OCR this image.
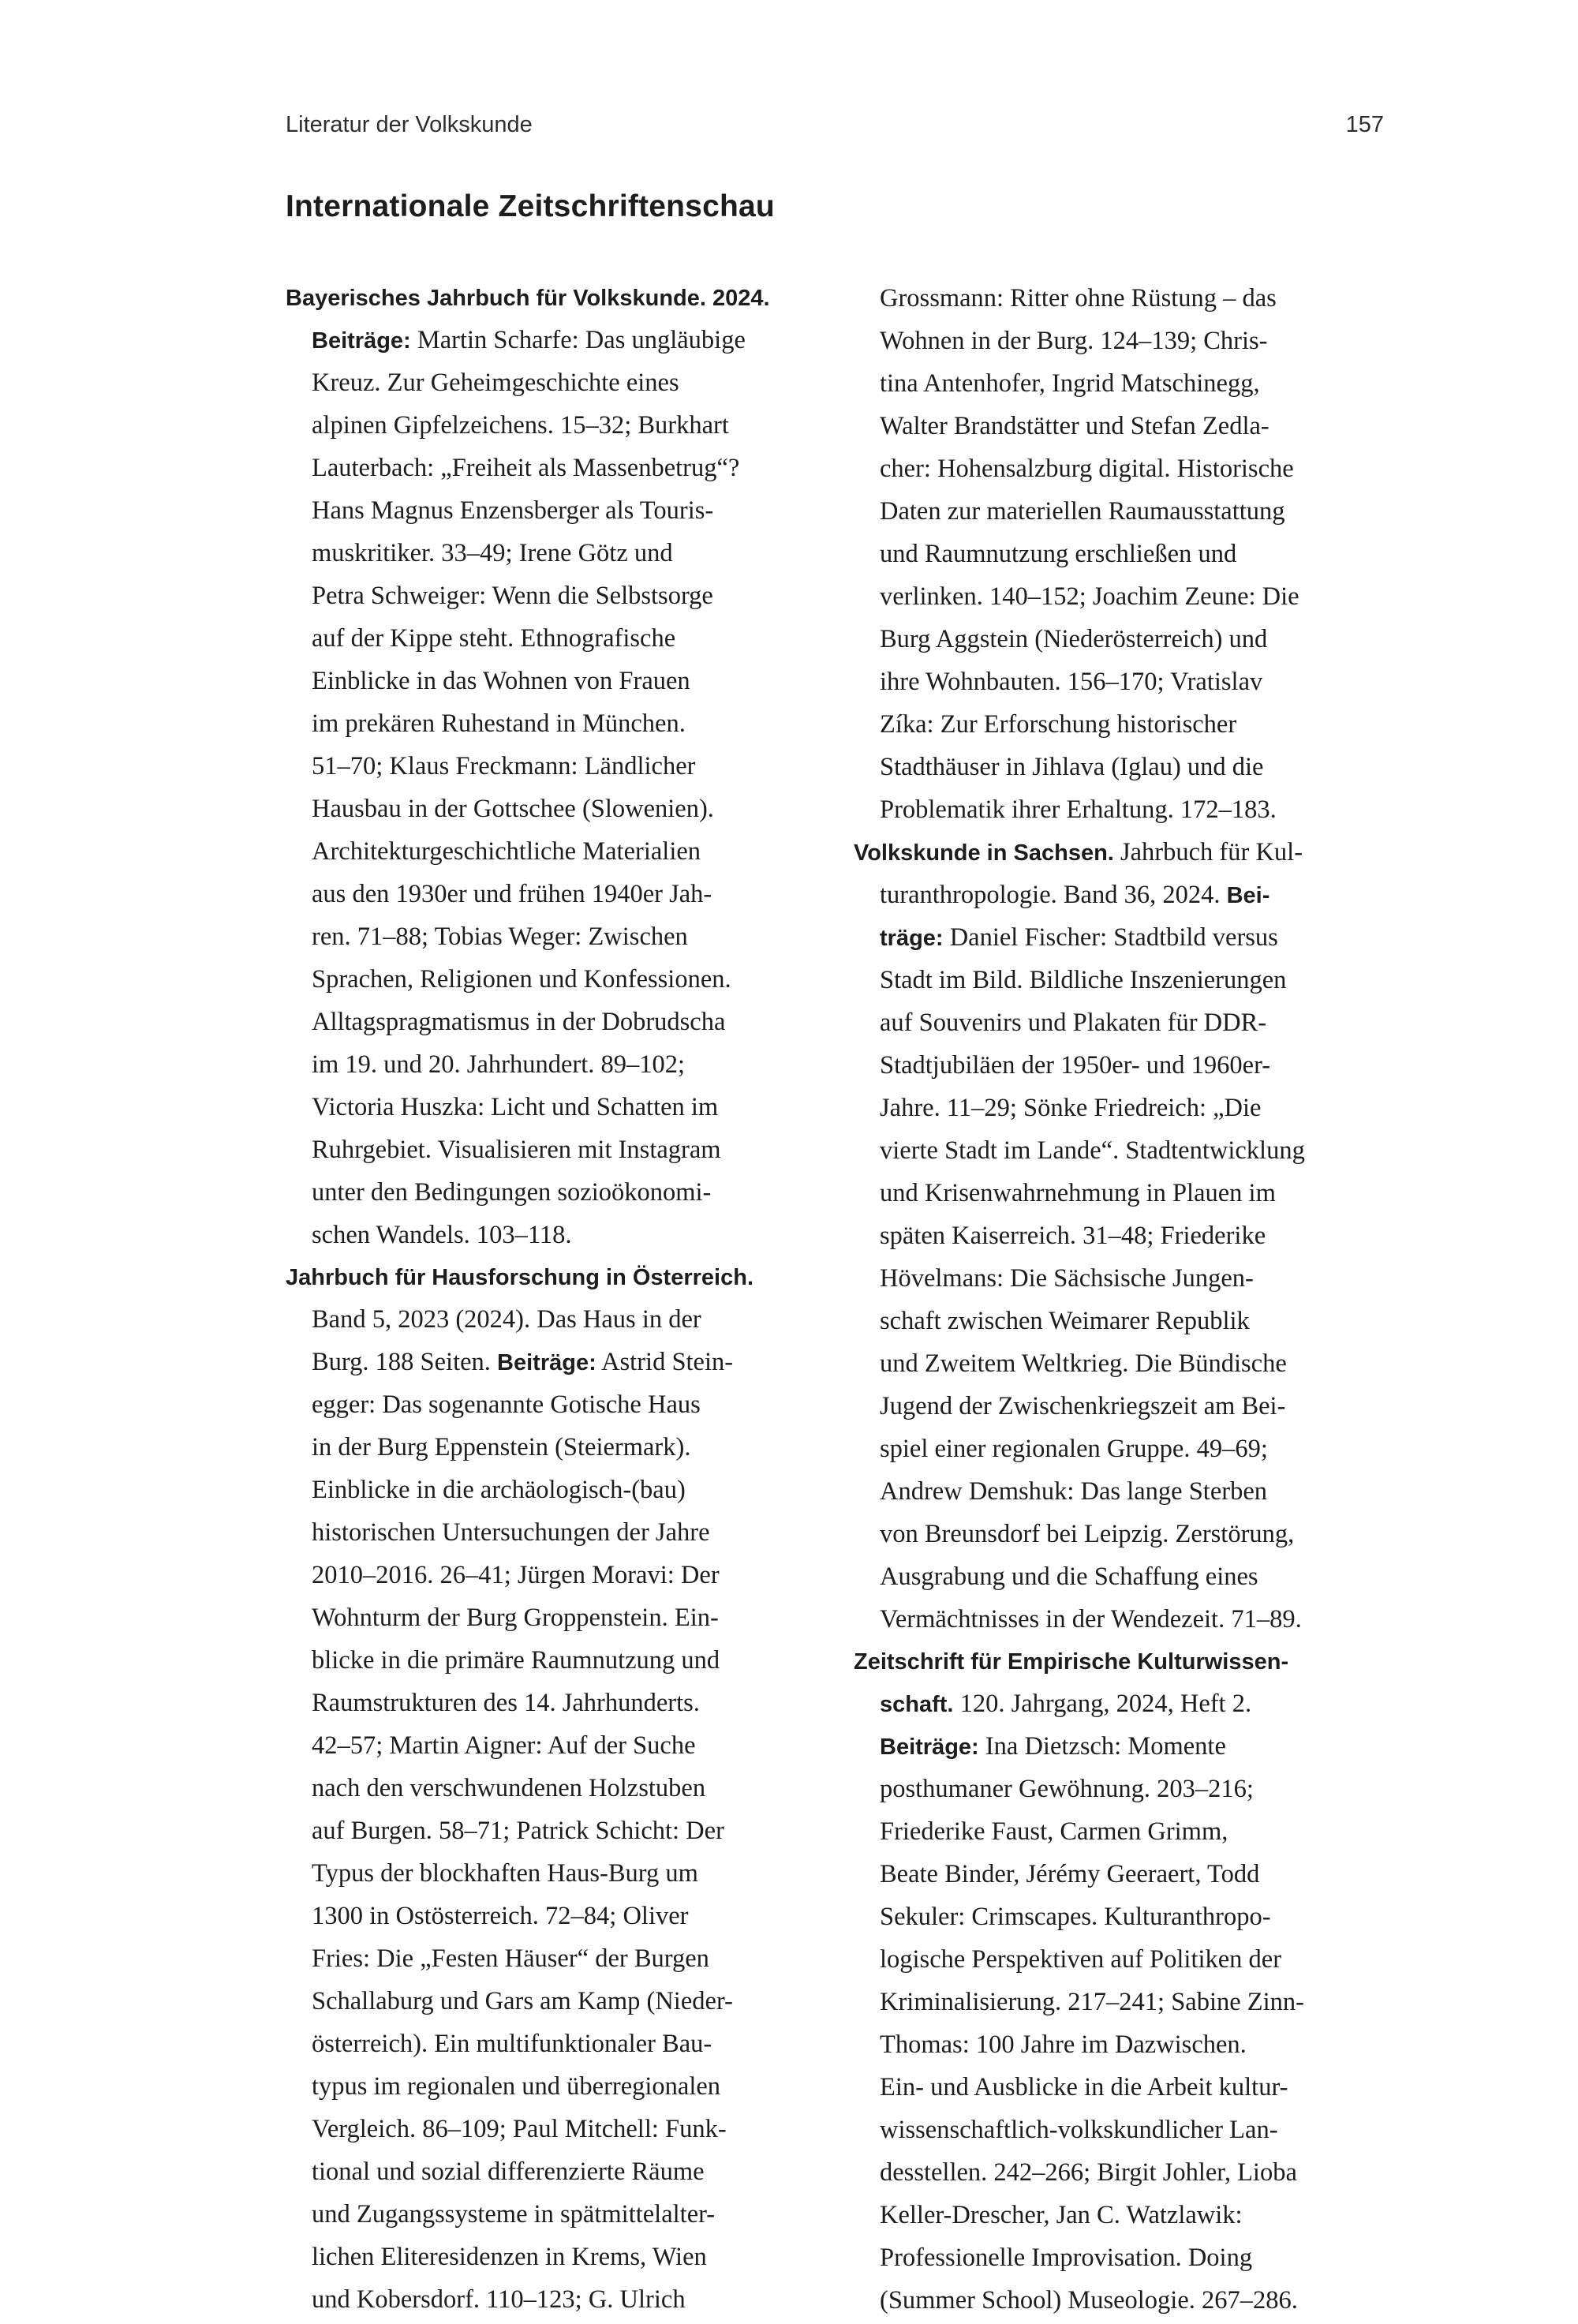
Literatur der Volkskunde	157
Internationale Zeitschriftenschau
Bayerisches Jahrbuch für Volkskunde. 2024.
Beiträge: Martin Scharfe: Das ungläubige
Kreuz. Zur Geheimgeschichte eines
alpinen Gipfelzeichens. 15–32; Burkhart
Lauterbach: „Freiheit als Massenbetrug“?
Hans Magnus Enzensberger als Touris-
muskritiker. 33–49; Irene Götz und
Petra Schweiger: Wenn die Selbstsorge
auf der Kippe steht. Ethnografische
Einblicke in das Wohnen von Frauen
im prekären Ruhestand in München.
51–70; Klaus Freckmann: Ländlicher
Hausbau in der Gottschee (Slowenien).
Architekturgeschichtliche Materialien
aus den 1930er und frühen 1940er Jah-
ren. 71–88; Tobias Weger: Zwischen
Sprachen, Religionen und Konfessionen.
Alltagspragmatismus in der Dobrudscha
im 19. und 20. Jahrhundert. 89–102;
Victoria Huszka: Licht und Schatten im
Ruhrgebiet. Visualisieren mit Instagram
unter den Bedingungen sozioökonomi-
schen Wandels. 103–118.
Jahrbuch für Hausforschung in Österreich.
Band 5, 2023 (2024). Das Haus in der
Burg. 188 Seiten. Beiträge: Astrid Stein-
egger: Das sogenannte Gotische Haus
in der Burg Eppenstein (Steiermark).
Einblicke in die archäologisch-(bau)
historischen Untersuchungen der Jahre
2010–2016. 26–41; Jürgen Moravi: Der
Wohnturm der Burg Groppenstein. Ein-
blicke in die primäre Raumnutzung und
Raumstrukturen des 14. Jahrhunderts.
42–57; Martin Aigner: Auf der Suche
nach den verschwundenen Holzstuben
auf Burgen. 58–71; Patrick Schicht: Der
Typus der blockhaften Haus-Burg um
1300 in Ostösterreich. 72–84; Oliver
Fries: Die „Festen Häuser“ der Burgen
Schallaburg und Gars am Kamp (Nieder-
österreich). Ein multifunktionaler Bau-
typus im regionalen und überregionalen
Vergleich. 86–109; Paul Mitchell: Funk-
tional und sozial differenzierte Räume
und Zugangssysteme in spätmittelalter-
lichen Eliteresidenzen in Krems, Wien
und Kobersdorf. 110–123; G. Ulrich
Grossmann: Ritter ohne Rüstung – das
Wohnen in der Burg. 124–139; Chris-
tina Antenhofer, Ingrid Matschinegg,
Walter Brandstätter und Stefan Zedla-
cher: Hohensalzburg digital. Historische
Daten zur materiellen Raumausstattung
und Raumnutzung erschließen und
verlinken. 140–152; Joachim Zeune: Die
Burg Aggstein (Niederösterreich) und
ihre Wohnbauten. 156–170; Vratislav
Zíka: Zur Erforschung historischer
Stadthäuser in Jihlava (Iglau) und die
Problematik ihrer Erhaltung. 172–183.
Volkskunde in Sachsen. Jahrbuch für Kul-
turanthropologie. Band 36, 2024. Bei-
träge: Daniel Fischer: Stadtbild versus
Stadt im Bild. Bildliche Inszenierungen
auf Souvenirs und Plakaten für DDR-
Stadtjubiläen der 1950er- und 1960er-
Jahre. 11–29; Sönke Friedreich: „Die
vierte Stadt im Lande“. Stadtentwicklung
und Krisenwahrnehmung in Plauen im
späten Kaiserreich. 31–48; Friederike
Hövelmans: Die Sächsische Jungen-
schaft zwischen Weimarer Republik
und Zweitem Weltkrieg. Die Bündische
Jugend der Zwischenkriegszeit am Bei-
spiel einer regionalen Gruppe. 49–69;
Andrew Demshuk: Das lange Sterben
von Breunsdorf bei Leipzig. Zerstörung,
Ausgrabung und die Schaffung eines
Vermächtnisses in der Wendezeit. 71–89.
Zeitschrift für Empirische Kulturwissen-
schaft. 120. Jahrgang, 2024, Heft 2.
Beiträge: Ina Dietzsch: Momente
posthumaner Gewöhnung. 203–216;
Friederike Faust, Carmen Grimm,
Beate Binder, Jérémy Geeraert, Todd
Sekuler: Crimscapes. Kulturanthropo-
logische Perspektiven auf Politiken der
Kriminalisierung. 217–241; Sabine Zinn-
Thomas: 100 Jahre im Dazwischen.
Ein- und Ausblicke in die Arbeit kultur-
wissenschaftlich-volkskundlicher Lan-
desstellen. 242–266; Birgit Johler, Lioba
Keller-Drescher, Jan C. Watzlawik:
Professionelle Improvisation. Doing
(Summer School) Museologie. 267–286.
